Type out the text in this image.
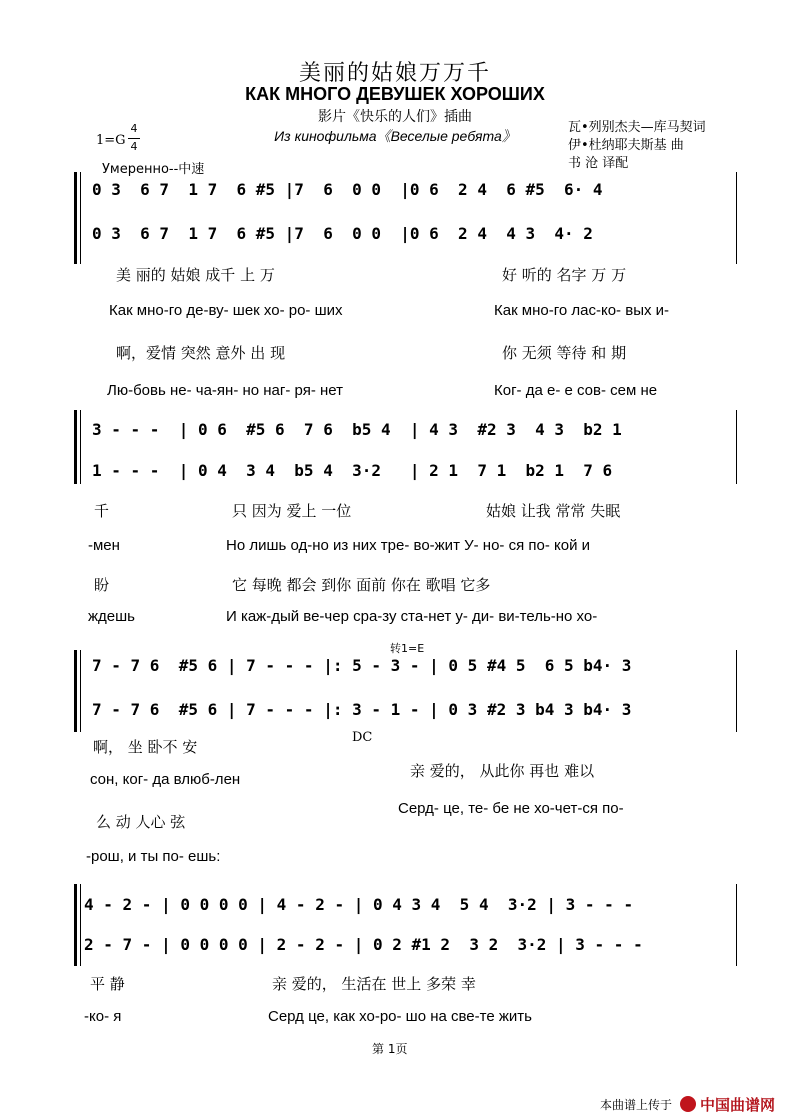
美丽的姑娘万万千
КАК МНОГО ДЕВУШЕК ХОРОШИХ
影片《快乐的人们》插曲
Из кинофильма《Веселые ребята》
瓦•列别杰夫—库马契词
伊•杜纳耶夫斯基 曲
书 沧 译配
1=G
4
4
Умеренно--中速
0 3  6 7  1 7  6 #5 |7  6  0 0  |0 6  2 4  6 #5  6· 4
0 3  6 7  1 7  6 #5 |7  6  0 0  |0 6  2 4  4 3  4· 2
美 丽的 姑娘 成千 上 万	好 听的 名字 万 万
Как мно-го де-ву- шек хо- ро- ших	Как мно-го лас-ко- вых и-
啊，爱情 突然 意外 出 现	你 无须 等待 和 期
Лю-бовь не- ча-ян- но наг- ря- нет	Ког- да е- е сов- сем не
3 - - -  | 0 6  #5 6  7 6  b5 4  | 4 3  #2 3  4 3  b2 1
1 - - -  | 0 4  3 4  b5 4  3·2   | 2 1  7 1  b2 1  7 6
千	只 因为 爱上 一位	姑娘 让我 常常 失眠
-мен	Но лишь од-но из них тре- во-жит У- но- ся по- кой и
盼	它 每晚 都会 到你 面前 你在 歌唱 它多
ждешь	И каж-дый ве-чер сра-зу ста-нет у- ди- ви-тель-но хо-
转1=E
7 - 7 6  #5 6 | 7 - - - |: 5 - 3 - | 0 5 #4 5  6 5 b4· 3
7 - 7 6  #5 6 | 7 - - - |: 3 - 1 - | 0 3 #2 3 b4 3 b4· 3
DC
啊， 坐 卧不 安
亲 爱的， 从此你 再也 难以
сон, ког- да влюб-лен
Серд- це, те- бе не хо-чет-ся по-
么 动 人心 弦
-рош, и ты по- ешь:
4 - 2 - | 0 0 0 0 | 4 - 2 - | 0 4 3 4  5 4  3·2 | 3 - - -
2 - 7 - | 0 0 0 0 | 2 - 2 - | 0 2 #1 2  3 2  3·2 | 3 - - -
平 静	亲 爱的， 生活在 世上 多荣 幸
-ко- я	Серд це, как хо-ро- шо на све-те жить
第 1页
本曲谱上传于 中国曲谱网
